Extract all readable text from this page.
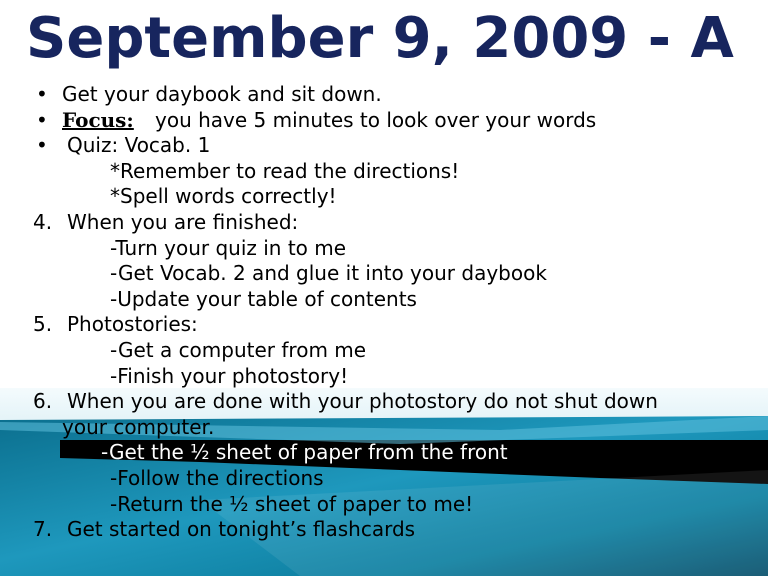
September 9, 2009 - A
• Get your daybook and sit down.
• Focus: you have 5 minutes to look over your words
• Quiz: Vocab. 1
*Remember to read the directions!
*Spell words correctly!
4. When you are finished:
-Turn your quiz in to me
-Get Vocab. 2 and glue it into your daybook
-Update your table of contents
5. Photostories:
-Get a computer from me
-Finish your photostory!
6. When you are done with your photostory do not shut down
your computer.
-Get the ½ sheet of paper from the front
-Follow the directions
-Return the ½ sheet of paper to me!
7. Get started on tonight’s flashcards
